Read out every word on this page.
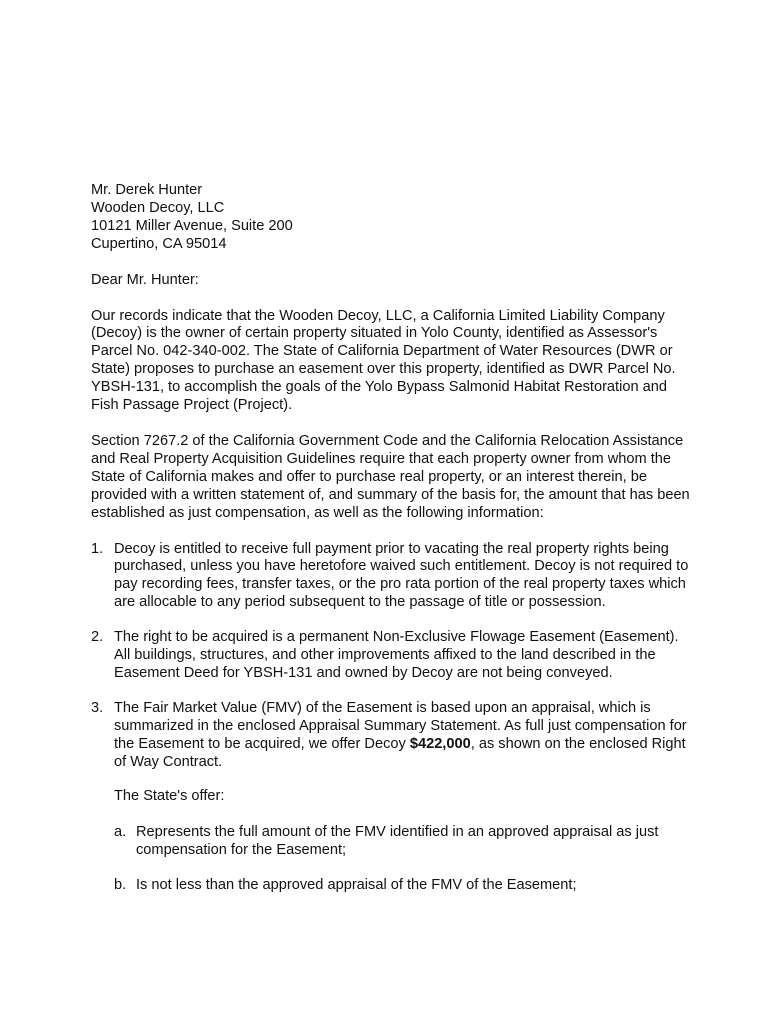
Mr. Derek Hunter

Wooden Decoy, LLC

10121 Miller Avenue, Suite 200

Cupertino, CA 95014

Dear Mr. Hunter:

Our records indicate that the Wooden Decoy, LLC, a California Limited Liability Company (Decoy) is the owner of certain property situated in Yolo County, identified as Assessor's Parcel No. 042-340-002. The State of California Department of Water Resources (DWR or State) proposes to purchase an easement over this property, identified as DWR Parcel No. YBSH-131, to accomplish the goals of the Yolo Bypass Salmonid Habitat Restoration and Fish Passage Project (Project).

Section 7267.2 of the California Government Code and the California Relocation Assistance and Real Property Acquisition Guidelines require that each property owner from whom the State of California makes and offer to purchase real property, or an interest therein, be provided with a written statement of, and summary of the basis for, the amount that has been established as just compensation, as well as the following information:

1. Decoy is entitled to receive full payment prior to vacating the real property rights being purchased, unless you have heretofore waived such entitlement. Decoy is not required to pay recording fees, transfer taxes, or the pro rata portion of the real property taxes which are allocable to any period subsequent to the passage of title or possession.

2. The right to be acquired is a permanent Non-Exclusive Flowage Easement (Easement). All buildings, structures, and other improvements affixed to the land described in the Easement Deed for YBSH-131 and owned by Decoy are not being conveyed.

3. The Fair Market Value (FMV) of the Easement is based upon an appraisal, which is summarized in the enclosed Appraisal Summary Statement. As full just compensation for the Easement to be acquired, we offer Decoy $422,000, as shown on the enclosed Right of Way Contract.

The State's offer:

a. Represents the full amount of the FMV identified in an approved appraisal as just compensation for the Easement;
b. Is not less than the approved appraisal of the FMV of the Easement;
